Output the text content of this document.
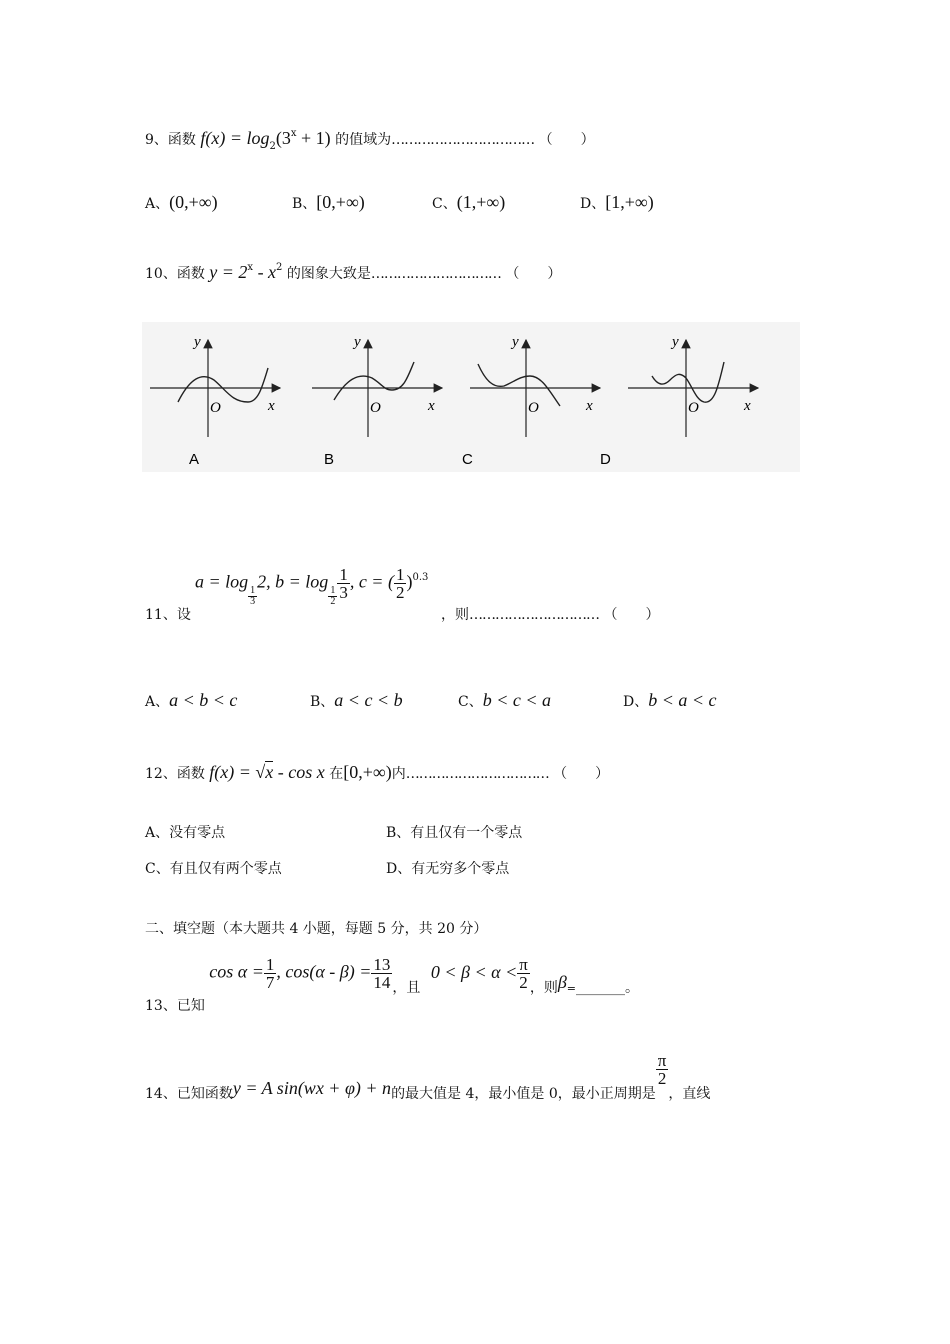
9、函数 $f(x) = \log_2(3^x + 1)$ 的值域为…………………………… （　　）
A、(0,+∞)	B、[0,+∞)	C、(1,+∞)	D、[1,+∞)
10、函数 $y = 2^x - x^2$ 的图象大致是………………………… （　　）
y
O	x
A
y
O	x
B
y
O	x
C
y
O	x
D
a = log
$\frac{1}{3}$
2, b = log
$\frac{1}{2} \frac{1}{3}$ , c = ( $\frac{1}{2} )^{0.3}$
11、设	，则………………………… （　　）
A、a < b < c	B、a < c < b	C、b < c < a	D、b < a < c
12、函数 f(x) = √x - cos x 在[0,+∞)内…………………………… （　　）
A、没有零点	B、有且仅有一个零点
C、有且仅有两个零点	D、有无穷多个零点
二、填空题（本大题共 4 小题，每题 5 分，共 20 分）
13、已知 $\cos \alpha = \frac{1}{7}$ , $\cos(\alpha - \beta) = \frac{13}{14}$ ，且 $0 < \beta < \alpha < \frac{\pi}{2}$ ，则$\beta_=\_\_\_\_\_\_\_$。
14、已知函数y = A sin(wx + φ) + n的最大值是 4，最小值是 0，最小正周期是
$\frac{\pi}{2}$
，直线
